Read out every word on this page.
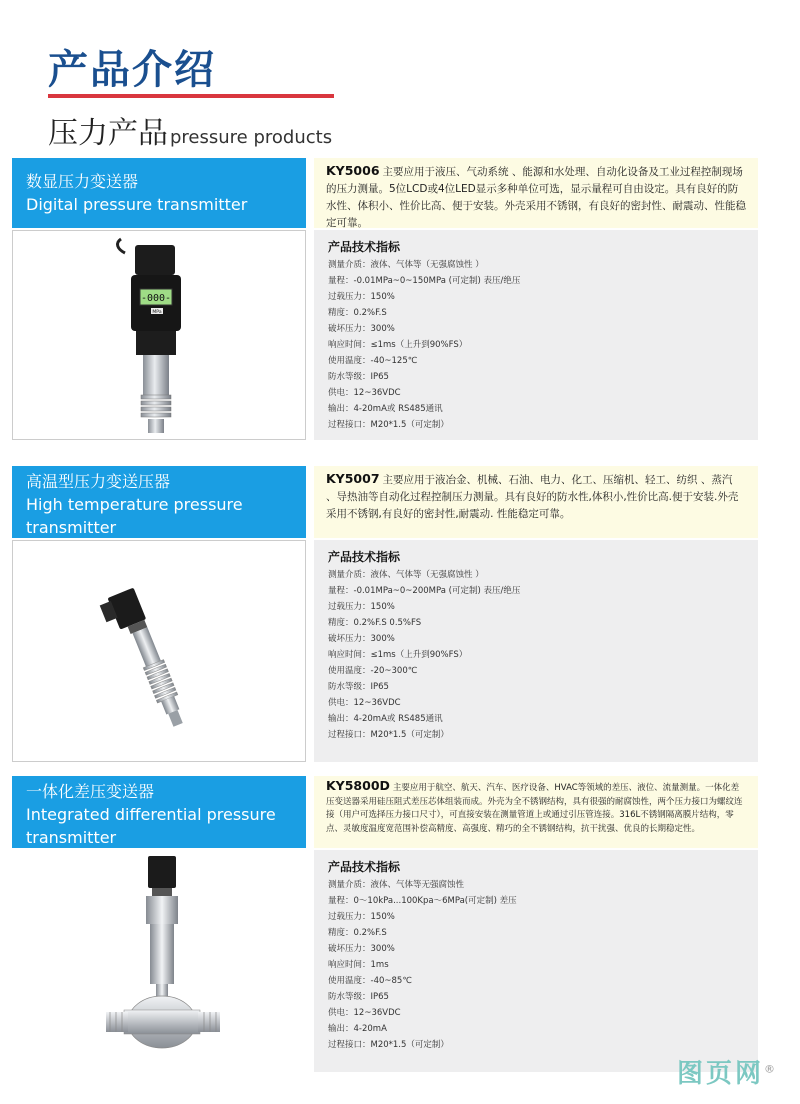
产品介绍
压力产品 pressure products
数显压力变送器
Digital pressure transmitter
KY5006 主要应用于液压、气动系统 、能源和水处理、自动化设备及工业过程控制现场的压力测量。5位LCD或4位LED显示多种单位可选，显示量程可自由设定。具有良好的防水性、体积小、性价比高、便于安装。外壳采用不锈钢，有良好的密封性、耐震动、性能稳定可靠。
-000-
MPa
产品技术指标
测量介质：液体、气体等（无强腐蚀性 ）
量程：-0.01MPa~0~150MPa (可定制) 表压/绝压
过载压力：150%
精度：0.2%F.S
破坏压力：300%
响应时间：≤1ms（上升到90%FS）
使用温度：-40~125℃
防水等级：IP65
供电：12~36VDC
输出：4-20mA或 RS485通讯
过程接口：M20*1.5（可定制）
高温型压力变送压器
High temperature pressure transmitter
KY5007 主要应用于液冶金、机械、石油、电力、化工、压缩机、轻工、纺织 、蒸汽 、导热油等自动化过程控制压力测量。具有良好的防水性,体积小,性价比高.便于安装.外壳采用不锈钢,有良好的密封性,耐震动. 性能稳定可靠。
产品技术指标
测量介质：液体、气体等（无强腐蚀性 ）
量程：-0.01MPa~0~200MPa (可定制) 表压/绝压
过载压力：150%
精度：0.2%F.S 0.5%FS
破坏压力：300%
响应时间：≤1ms（上升到90%FS）
使用温度：-20~300℃
防水等级：IP65
供电：12~36VDC
输出：4-20mA或 RS485通讯
过程接口：M20*1.5（可定制）
一体化差压变送器
Integrated differential pressure transmitter
KY5800D 主要应用于航空、航天、汽车、医疗设备、HVAC等领域的差压、液位、流量测量。一体化差压变送器采用硅压阻式差压芯体组装而成。外壳为全不锈钢结构，具有很强的耐腐蚀性，两个压力接口为螺纹连接（用户可选择压力接口尺寸），可直接安装在测量管道上或通过引压管连接。316L不锈钢隔离膜片结构，零点、灵敏度温度宽范围补偿高精度、高强度、精巧的全不锈钢结构，抗干扰强、优良的长期稳定性。
产品技术指标
测量介质：液体、气体等无强腐蚀性
量程：0～10kPa...100Kpa～6MPa(可定制) 差压
过载压力：150%
精度：0.2%F.S
破坏压力：300%
响应时间：1ms
使用温度：-40~85℃
防水等级：IP65
供电：12~36VDC
输出：4-20mA
过程接口：M20*1.5（可定制）
图页网®
